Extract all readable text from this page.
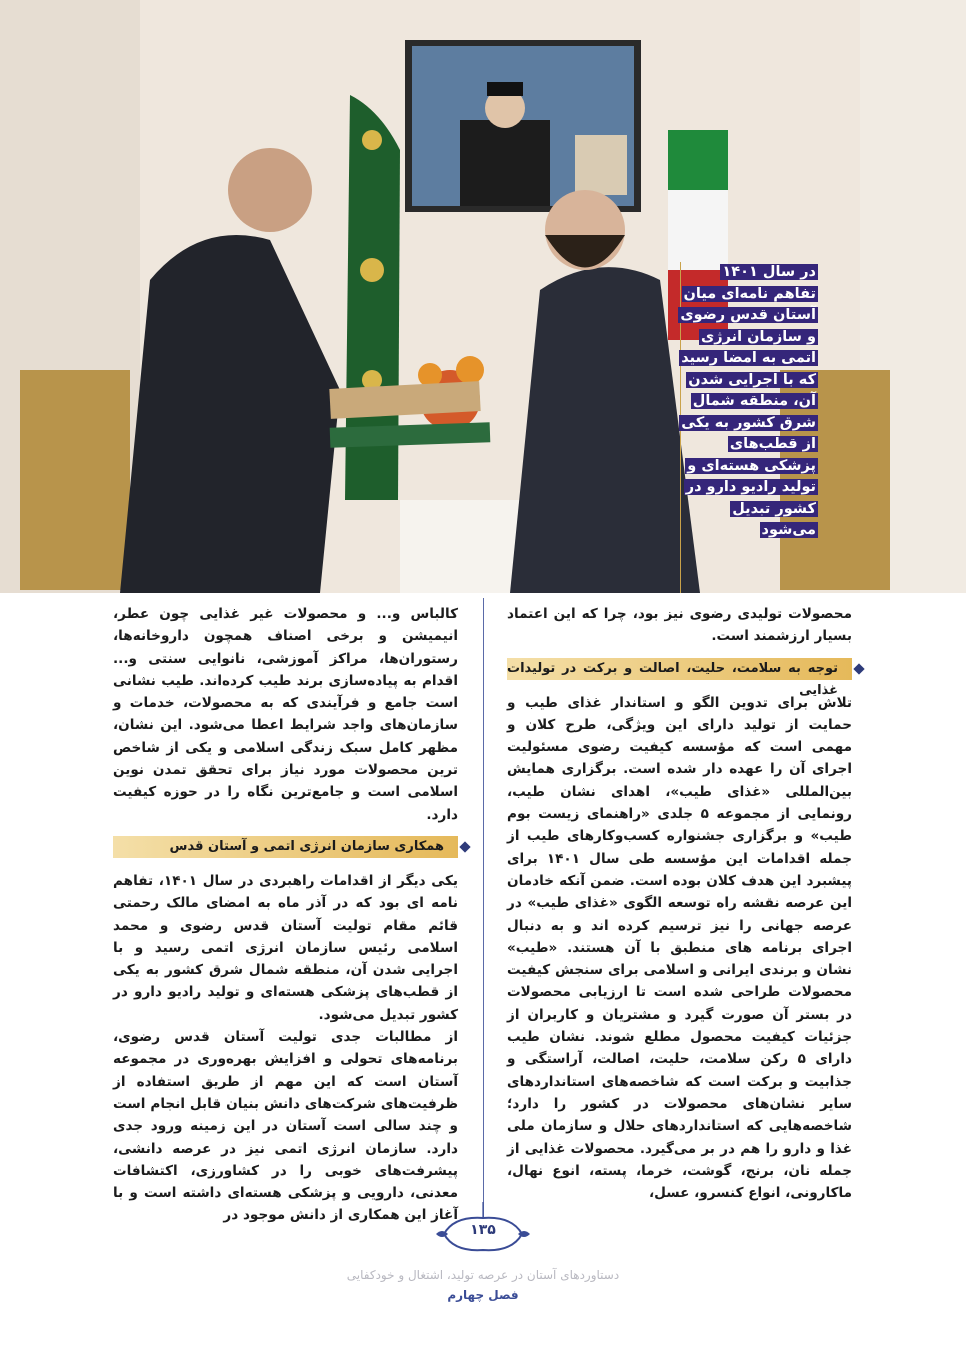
در سال ۱۴۰۱ تفاهم نامه‌ای میان آستان قدس رضوی و سازمان انرژی اتمی به امضا رسید که با اجرایی شدن آن، منطقه شمال شرق کشور به یکی از قطب‌های پزشکی هسته‌ای و تولید رادیو دارو در کشور تبدیل می‌شود

محصولات تولیدی رضوی نیز بود، چرا که این اعتماد بسیار ارزشمند است.

توجه به سلامت، حلیت، اصالت و برکت در تولیدات غذایی

تلاش برای تدوین الگو و استاندار غذای طیب و حمایت از تولید دارای این ویژگی، طرح کلان و مهمی است که مؤسسه کیفیت رضوی مسئولیت اجرای آن را عهده دار شده است. برگزاری همایش بین‌المللی «غذای طیب»، اهدای نشان طیب، رونمایی از مجموعه ۵ جلدی «راهنمای زیست بوم طیب» و برگزاری جشنواره کسب‌وکارهای طیب از جمله اقدامات این مؤسسه طی سال ۱۴۰۱ برای پیشبرد این هدف کلان بوده است. ضمن آنکه خادمان این عرصه نقشه راه توسعه الگوی «غذای طیب» در عرصه جهانی را نیز ترسیم کرده اند و به دنبال اجرای برنامه های منطبق با آن هستند. «طیب» نشان و برندی ایرانی و اسلامی برای سنجش کیفیت محصولات طراحی شده است تا ارزیابی محصولات در بستر آن صورت گیرد و مشتریان و کاربران از جزئیات کیفیت محصول مطلع شوند. نشان طیب دارای ۵ رکن سلامت، حلیت، اصالت، آراستگی و جذابیت و برکت است که شاخصه‌های استانداردهای سایر نشان‌های محصولات در کشور را دارد؛ شاخصه‌هایی که استانداردهای حلال و سازمان ملی غذا و دارو را هم در بر می‌گیرد. محصولات غذایی از جمله نان، برنج، گوشت، خرما، پسته، انوع نهال، ماکارونی، انواع کنسرو، عسل،

کالباس و... و محصولات غیر غذایی چون عطر، انیمیشن و برخی اصناف همچون داروخانه‌ها، رستوران‌ها، مراکز آموزشی، نانوایی سنتی و... اقدام به پیاده‌سازی برند طیب کرده‌اند. طیب نشانی است جامع و فرآیندی که به محصولات، خدمات و سازمان‌های واجد شرایط اعطا می‌شود. این نشان، مظهر کامل سبک زندگی اسلامی و یکی از شاخص ترین محصولات مورد نیاز برای تحقق تمدن نوین اسلامی است و جامع‌ترین نگاه را در حوزه کیفیت دارد.

همکاری سازمان انرژی اتمی و آستان قدس

یکی دیگر از اقدامات راهبردی در سال ۱۴۰۱، تفاهم نامه ای بود که در آذر ماه به امضای مالک رحمتی قائم مقام تولیت آستان قدس رضوی و محمد اسلامی رئیس سازمان انرژی اتمی رسید و با اجرایی شدن آن، منطقه شمال شرق کشور به یکی از قطب‌های پزشکی هسته‌ای و تولید رادیو دارو در کشور تبدیل می‌شود.

از مطالبات جدی تولیت آستان قدس رضوی، برنامه‌های تحولی و افزایش بهره‌وری در مجموعه آستان است که این مهم از طریق استفاده از ظرفیت‌های شرکت‌های دانش بنیان قابل انجام است و چند سالی است آستان در این زمینه ورود جدی دارد. سازمان انرژی اتمی نیز در عرصه دانشی، پیشرفت‌های خوبی را در کشاورزی، اکتشافات معدنی، دارویی و پزشکی هسته‌ای داشته است و با آغاز این همکاری از دانش موجود در

۱۳۵
دستاوردهای آستان در عرصه تولید، اشتغال و خودکفایی
فصل چهارم
